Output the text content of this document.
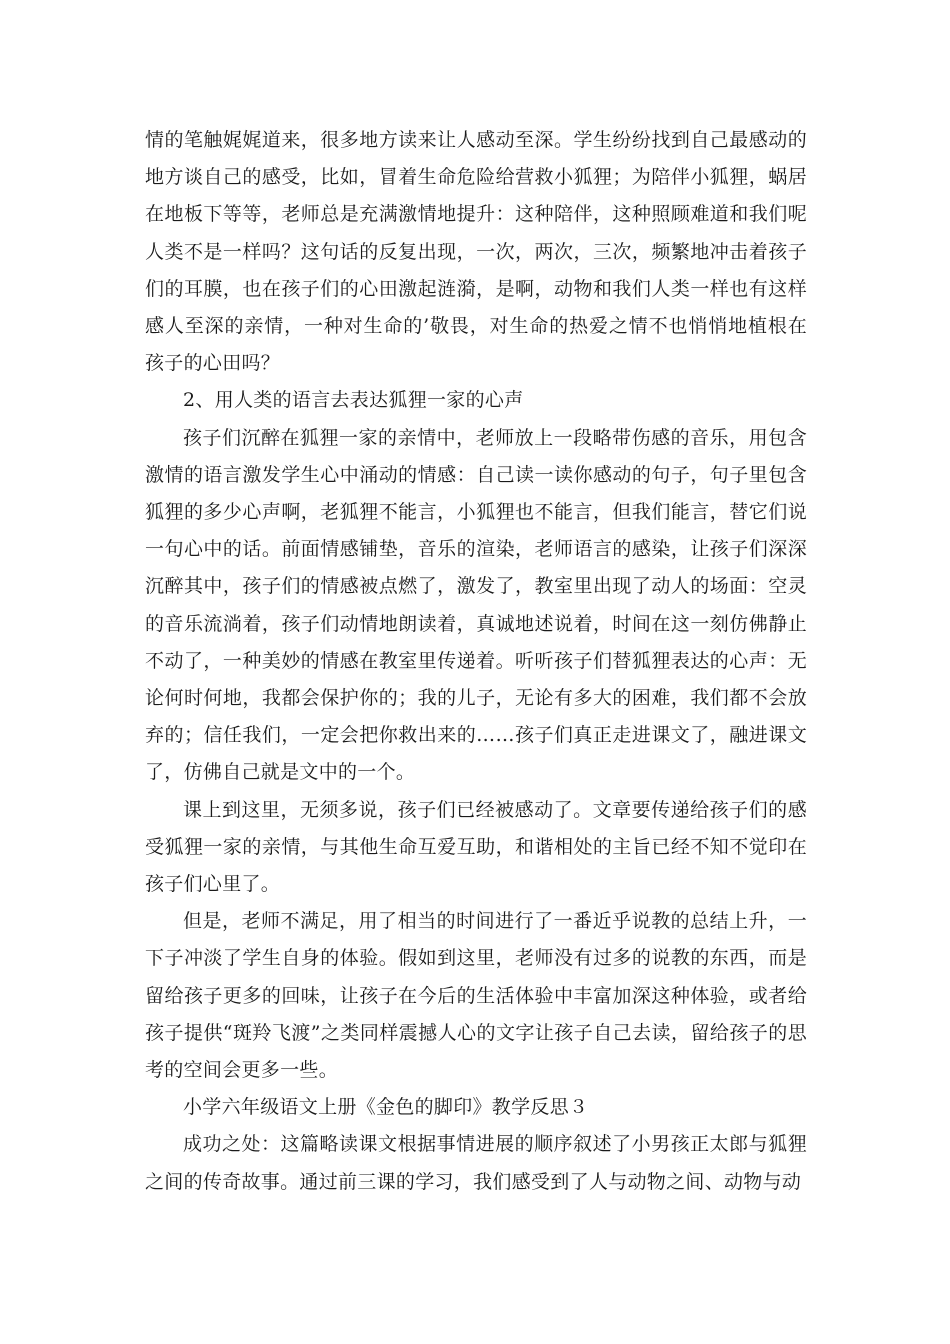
情的笔触娓娓道来，很多地方读来让人感动至深。学生纷纷找到自己最感动的地方谈自己的感受，比如，冒着生命危险给营救小狐狸；为陪伴小狐狸，蜗居在地板下等等，老师总是充满激情地提升：这种陪伴，这种照顾难道和我们呢人类不是一样吗？这句话的反复出现，一次，两次，三次，频繁地冲击着孩子们的耳膜，也在孩子们的心田激起涟漪，是啊，动物和我们人类一样也有这样感人至深的亲情，一种对生命的’敬畏，对生命的热爱之情不也悄悄地植根在孩子的心田吗？

2、用人类的语言去表达狐狸一家的心声

孩子们沉醉在狐狸一家的亲情中，老师放上一段略带伤感的音乐，用包含激情的语言激发学生心中涌动的情感：自己读一读你感动的句子，句子里包含狐狸的多少心声啊，老狐狸不能言，小狐狸也不能言，但我们能言，替它们说一句心中的话。前面情感铺垫，音乐的渲染，老师语言的感染，让孩子们深深沉醉其中，孩子们的情感被点燃了，激发了，教室里出现了动人的场面：空灵的音乐流淌着，孩子们动情地朗读着，真诚地述说着，时间在这一刻仿佛静止不动了，一种美妙的情感在教室里传递着。听听孩子们替狐狸表达的心声：无论何时何地，我都会保护你的；我的儿子，无论有多大的困难，我们都不会放弃的；信任我们，一定会把你救出来的……孩子们真正走进课文了，融进课文了，仿佛自己就是文中的一个。

课上到这里，无须多说，孩子们已经被感动了。文章要传递给孩子们的感受狐狸一家的亲情，与其他生命互爱互助，和谐相处的主旨已经不知不觉印在孩子们心里了。

但是，老师不满足，用了相当的时间进行了一番近乎说教的总结上升，一下子冲淡了学生自身的体验。假如到这里，老师没有过多的说教的东西，而是留给孩子更多的回味，让孩子在今后的生活体验中丰富加深这种体验，或者给孩子提供“斑羚飞渡”之类同样震撼人心的文字让孩子自己去读，留给孩子的思考的空间会更多一些。

小学六年级语文上册《金色的脚印》教学反思３

成功之处：这篇略读课文根据事情进展的顺序叙述了小男孩正太郎与狐狸之间的传奇故事。通过前三课的学习，我们感受到了人与动物之间、动物与动
